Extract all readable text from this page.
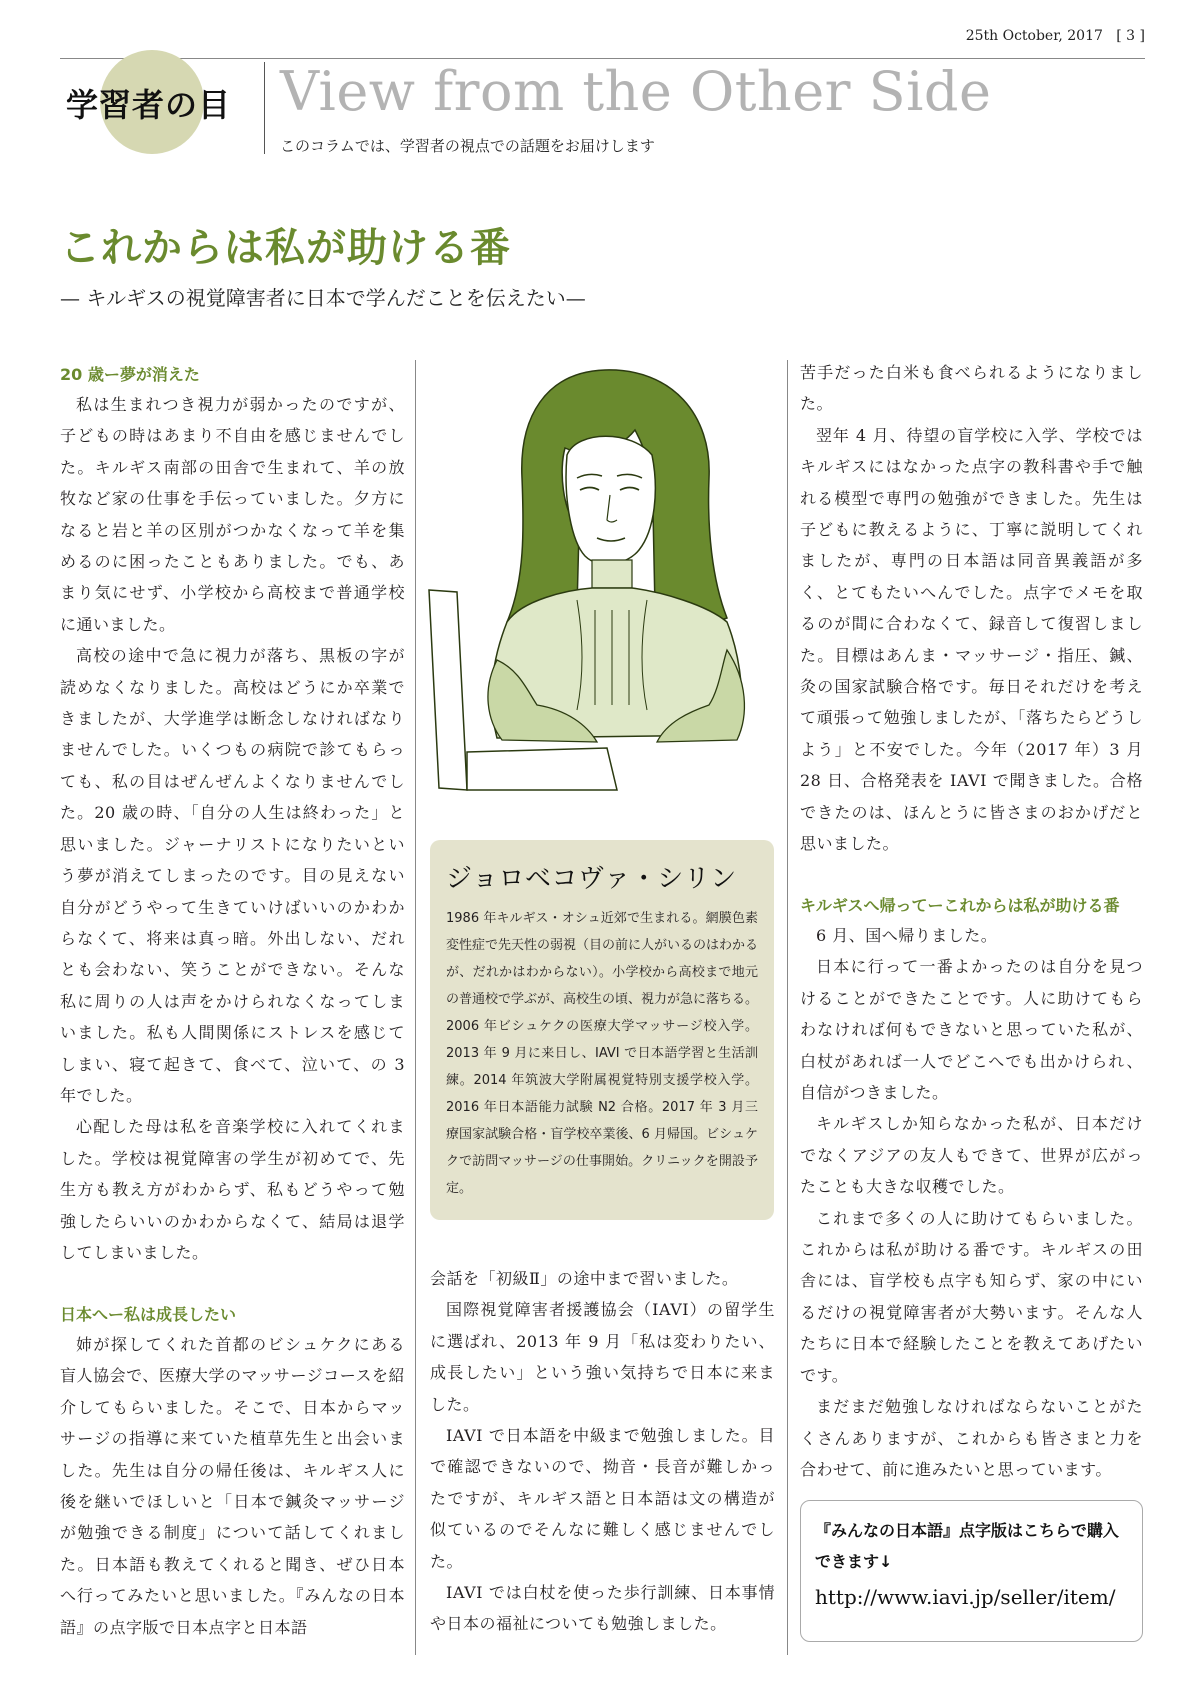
25th October, 2017 [ 3 ]
学習者の目 View from the Other Side
このコラムでは、学習者の視点での話題をお届けします
これからは私が助ける番
— キルギスの視覚障害者に日本で学んだことを伝えたい—
20 歳ー夢が消えた

私は生まれつき視力が弱かったのですが、子どもの時はあまり不自由を感じませんでした。キルギス南部の田舎で生まれて、羊の放牧など家の仕事を手伝っていました。夕方になると岩と羊の区別がつかなくなって羊を集めるのに困ったこともありました。でも、あまり気にせず、小学校から高校まで普通学校に通いました。

高校の途中で急に視力が落ち、黒板の字が読めなくなりました。高校はどうにか卒業できましたが、大学進学は断念しなければなりませんでした。いくつもの病院で診てもらっても、私の目はぜんぜんよくなりませんでした。20 歳の時、「自分の人生は終わった」と思いました。ジャーナリストになりたいという夢が消えてしまったのです。目の見えない自分がどうやって生きていけばいいのかわからなくて、将来は真っ暗。外出しない、だれとも会わない、笑うことができない。そんな私に周りの人は声をかけられなくなってしまいました。私も人間関係にストレスを感じてしまい、寝て起きて、食べて、泣いて、の 3 年でした。

心配した母は私を音楽学校に入れてくれました。学校は視覚障害の学生が初めてで、先生方も教え方がわからず、私もどうやって勉強したらいいのかわからなくて、結局は退学してしまいました。

日本へー私は成長したい

姉が探してくれた首都のビシュケクにある盲人協会で、医療大学のマッサージコースを紹介してもらいました。そこで、日本からマッサージの指導に来ていた植草先生と出会いました。先生は自分の帰任後は、キルギス人に後を継いでほしいと「日本で鍼灸マッサージが勉強できる制度」について話してくれました。日本語も教えてくれると聞き、ぜひ日本へ行ってみたいと思いました。『みんなの日本語』の点字版で日本点字と日本語

ジョロベコヴァ・シリン
1986 年キルギス・オシュ近郊で生まれる。網膜色素変性症で先天性の弱視（目の前に人がいるのはわかるが、だれかはわからない）。小学校から高校まで地元の普通校で学ぶが、高校生の頃、視力が急に落ちる。2006 年ビシュケクの医療大学マッサージ校入学。2013 年 9 月に来日し、IAVI で日本語学習と生活訓練。2014 年筑波大学附属視覚特別支援学校入学。2016 年日本語能力試験 N2 合格。2017 年 3 月三療国家試験合格・盲学校卒業後、6 月帰国。ビシュケクで訪問マッサージの仕事開始。クリニックを開設予定。

会話を「初級Ⅱ」の途中まで習いました。

国際視覚障害者援護協会（IAVI）の留学生に選ばれ、2013 年 9 月「私は変わりたい、成長したい」という強い気持ちで日本に来ました。

IAVI で日本語を中級まで勉強しました。目で確認できないので、拗音・長音が難しかったですが、キルギス語と日本語は文の構造が似ているのでそんなに難しく感じませんでした。

IAVI では白杖を使った歩行訓練、日本事情や日本の福祉についても勉強しました。

苦手だった白米も食べられるようになりました。

翌年 4 月、待望の盲学校に入学、学校ではキルギスにはなかった点字の教科書や手で触れる模型で専門の勉強ができました。先生は子どもに教えるように、丁寧に説明してくれましたが、専門の日本語は同音異義語が多く、とてもたいへんでした。点字でメモを取るのが間に合わなくて、録音して復習しました。目標はあんま・マッサージ・指圧、鍼、灸の国家試験合格です。毎日それだけを考えて頑張って勉強しましたが、「落ちたらどうしよう」と不安でした。今年（2017 年）3 月 28 日、合格発表を IAVI で聞きました。合格できたのは、ほんとうに皆さまのおかげだと思いました。

キルギスへ帰ってーこれからは私が助ける番

6 月、国へ帰りました。

日本に行って一番よかったのは自分を見つけることができたことです。人に助けてもらわなければ何もできないと思っていた私が、白杖があれば一人でどこへでも出かけられ、自信がつきました。

キルギスしか知らなかった私が、日本だけでなくアジアの友人もできて、世界が広がったことも大きな収穫でした。

これまで多くの人に助けてもらいました。これからは私が助ける番です。キルギスの田舎には、盲学校も点字も知らず、家の中にいるだけの視覚障害者が大勢います。そんな人たちに日本で経験したことを教えてあげたいです。

まだまだ勉強しなければならないことがたくさんありますが、これからも皆さまと力を合わせて、前に進みたいと思っています。

『みんなの日本語』点字版はこちらで購入できます↓
http://www.iavi.jp/seller/item/
